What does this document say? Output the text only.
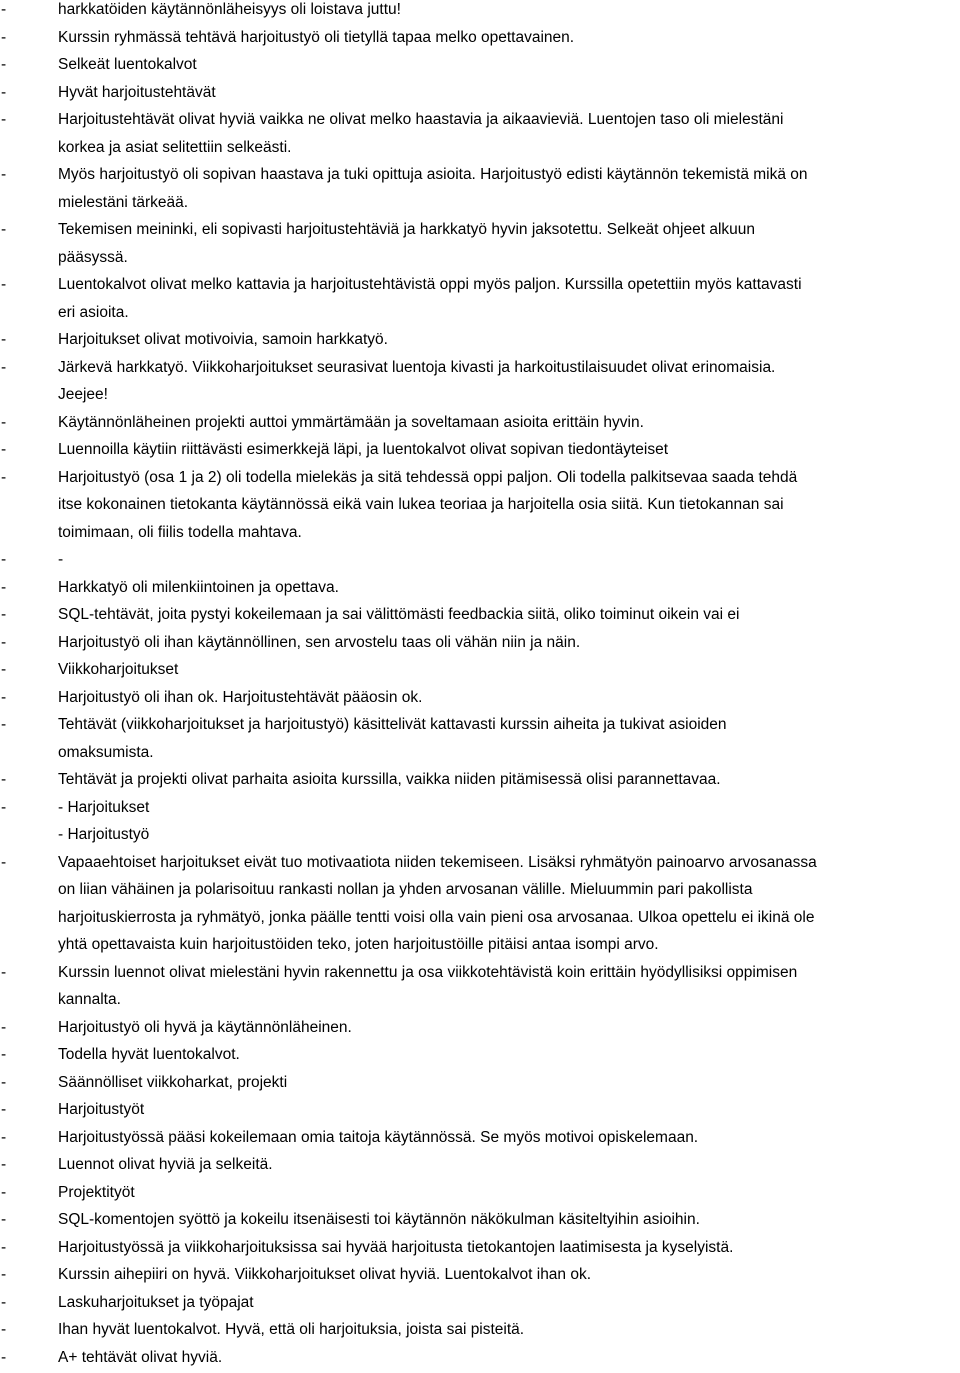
-	harkkatöiden käytännönläheisyys oli loistava juttu!
-	Kurssin ryhmässä tehtävä harjoitustyö oli tietyllä tapaa melko opettavainen.
-	Selkeät luentokalvot
-	Hyvät harjoitustehtävät
-	Harjoitustehtävät olivat hyviä vaikka ne olivat melko haastavia ja aikaavieviä. Luentojen taso oli mielestäni
korkea ja asiat selitettiin selkeästi.
-	Myös harjoitustyö oli sopivan haastava ja tuki opittuja asioita. Harjoitustyö edisti käytännön tekemistä mikä on
mielestäni tärkeää.
-	Tekemisen meininki, eli sopivasti harjoitustehtäviä ja harkkatyö hyvin jaksotettu. Selkeät ohjeet alkuun
pääsyssä.
-	Luentokalvot olivat melko kattavia ja harjoitustehtävistä oppi myös paljon. Kurssilla opetettiin myös kattavasti
eri asioita.
-	Harjoitukset olivat motivoivia, samoin harkkatyö.
-	Järkevä harkkatyö. Viikkoharjoitukset seurasivat luentoja kivasti ja harkoitustilaisuudet olivat erinomaisia.
Jeejee!
-	Käytännönläheinen projekti auttoi ymmärtämään ja soveltamaan asioita erittäin hyvin.
-	Luennoilla käytiin riittävästi esimerkkejä läpi, ja luentokalvot olivat sopivan tiedontäyteiset
-	Harjoitustyö (osa 1 ja 2) oli todella mielekäs ja sitä tehdessä oppi paljon. Oli todella palkitsevaa saada tehdä
itse kokonainen tietokanta käytännössä eikä vain lukea teoriaa ja harjoitella osia siitä. Kun tietokannan sai
toimimaan, oli fiilis todella mahtava.
-	-
-	Harkkatyö oli milenkiintoinen ja opettava.
-	SQL-tehtävät, joita pystyi kokeilemaan ja sai välittömästi feedbackia siitä, oliko toiminut oikein vai ei
-	Harjoitustyö oli ihan käytännöllinen, sen arvostelu taas oli vähän niin ja näin.
-	Viikkoharjoitukset
-	Harjoitustyö oli ihan ok. Harjoitustehtävät pääosin ok.
-	Tehtävät (viikkoharjoitukset ja harjoitustyö) käsittelivät kattavasti kurssin aiheita ja tukivat asioiden
omaksumista.
-	Tehtävät ja projekti olivat parhaita asioita kurssilla, vaikka niiden pitämisessä olisi parannettavaa.
-	- Harjoitukset
- Harjoitustyö
-	Vapaaehtoiset harjoitukset eivät tuo motivaatiota niiden tekemiseen. Lisäksi ryhmätyön painoarvo arvosanassa
on liian vähäinen ja polarisoituu rankasti nollan ja yhden arvosanan välille. Mieluummin pari pakollista
harjoituskierrosta ja ryhmätyö, jonka päälle tentti voisi olla vain pieni osa arvosanaa. Ulkoa opettelu ei ikinä ole
yhtä opettavaista kuin harjoitustöiden teko, joten harjoitustöille pitäisi antaa isompi arvo.
-	Kurssin luennot olivat mielestäni hyvin rakennettu ja osa viikkotehtävistä koin erittäin hyödyllisiksi oppimisen
kannalta.
-	Harjoitustyö oli hyvä ja käytännönläheinen.
-	Todella hyvät luentokalvot.
-	Säännölliset viikkoharkat, projekti
-	Harjoitustyöt
-	Harjoitustyössä pääsi kokeilemaan omia taitoja käytännössä. Se myös motivoi opiskelemaan.
-	Luennot olivat hyviä ja selkeitä.
-	Projektityöt
-	SQL-komentojen syöttö ja kokeilu itsenäisesti toi käytännön näkökulman käsiteltyihin asioihin.
-	Harjoitustyössä ja viikkoharjoituksissa sai hyvää harjoitusta tietokantojen laatimisesta ja kyselyistä.
-	Kurssin aihepiiri on hyvä. Viikkoharjoitukset olivat hyviä. Luentokalvot ihan ok.
-	Laskuharjoitukset ja työpajat
-	Ihan hyvät luentokalvot. Hyvä, että oli harjoituksia, joista sai pisteitä.
-	A+ tehtävät olivat hyviä.
